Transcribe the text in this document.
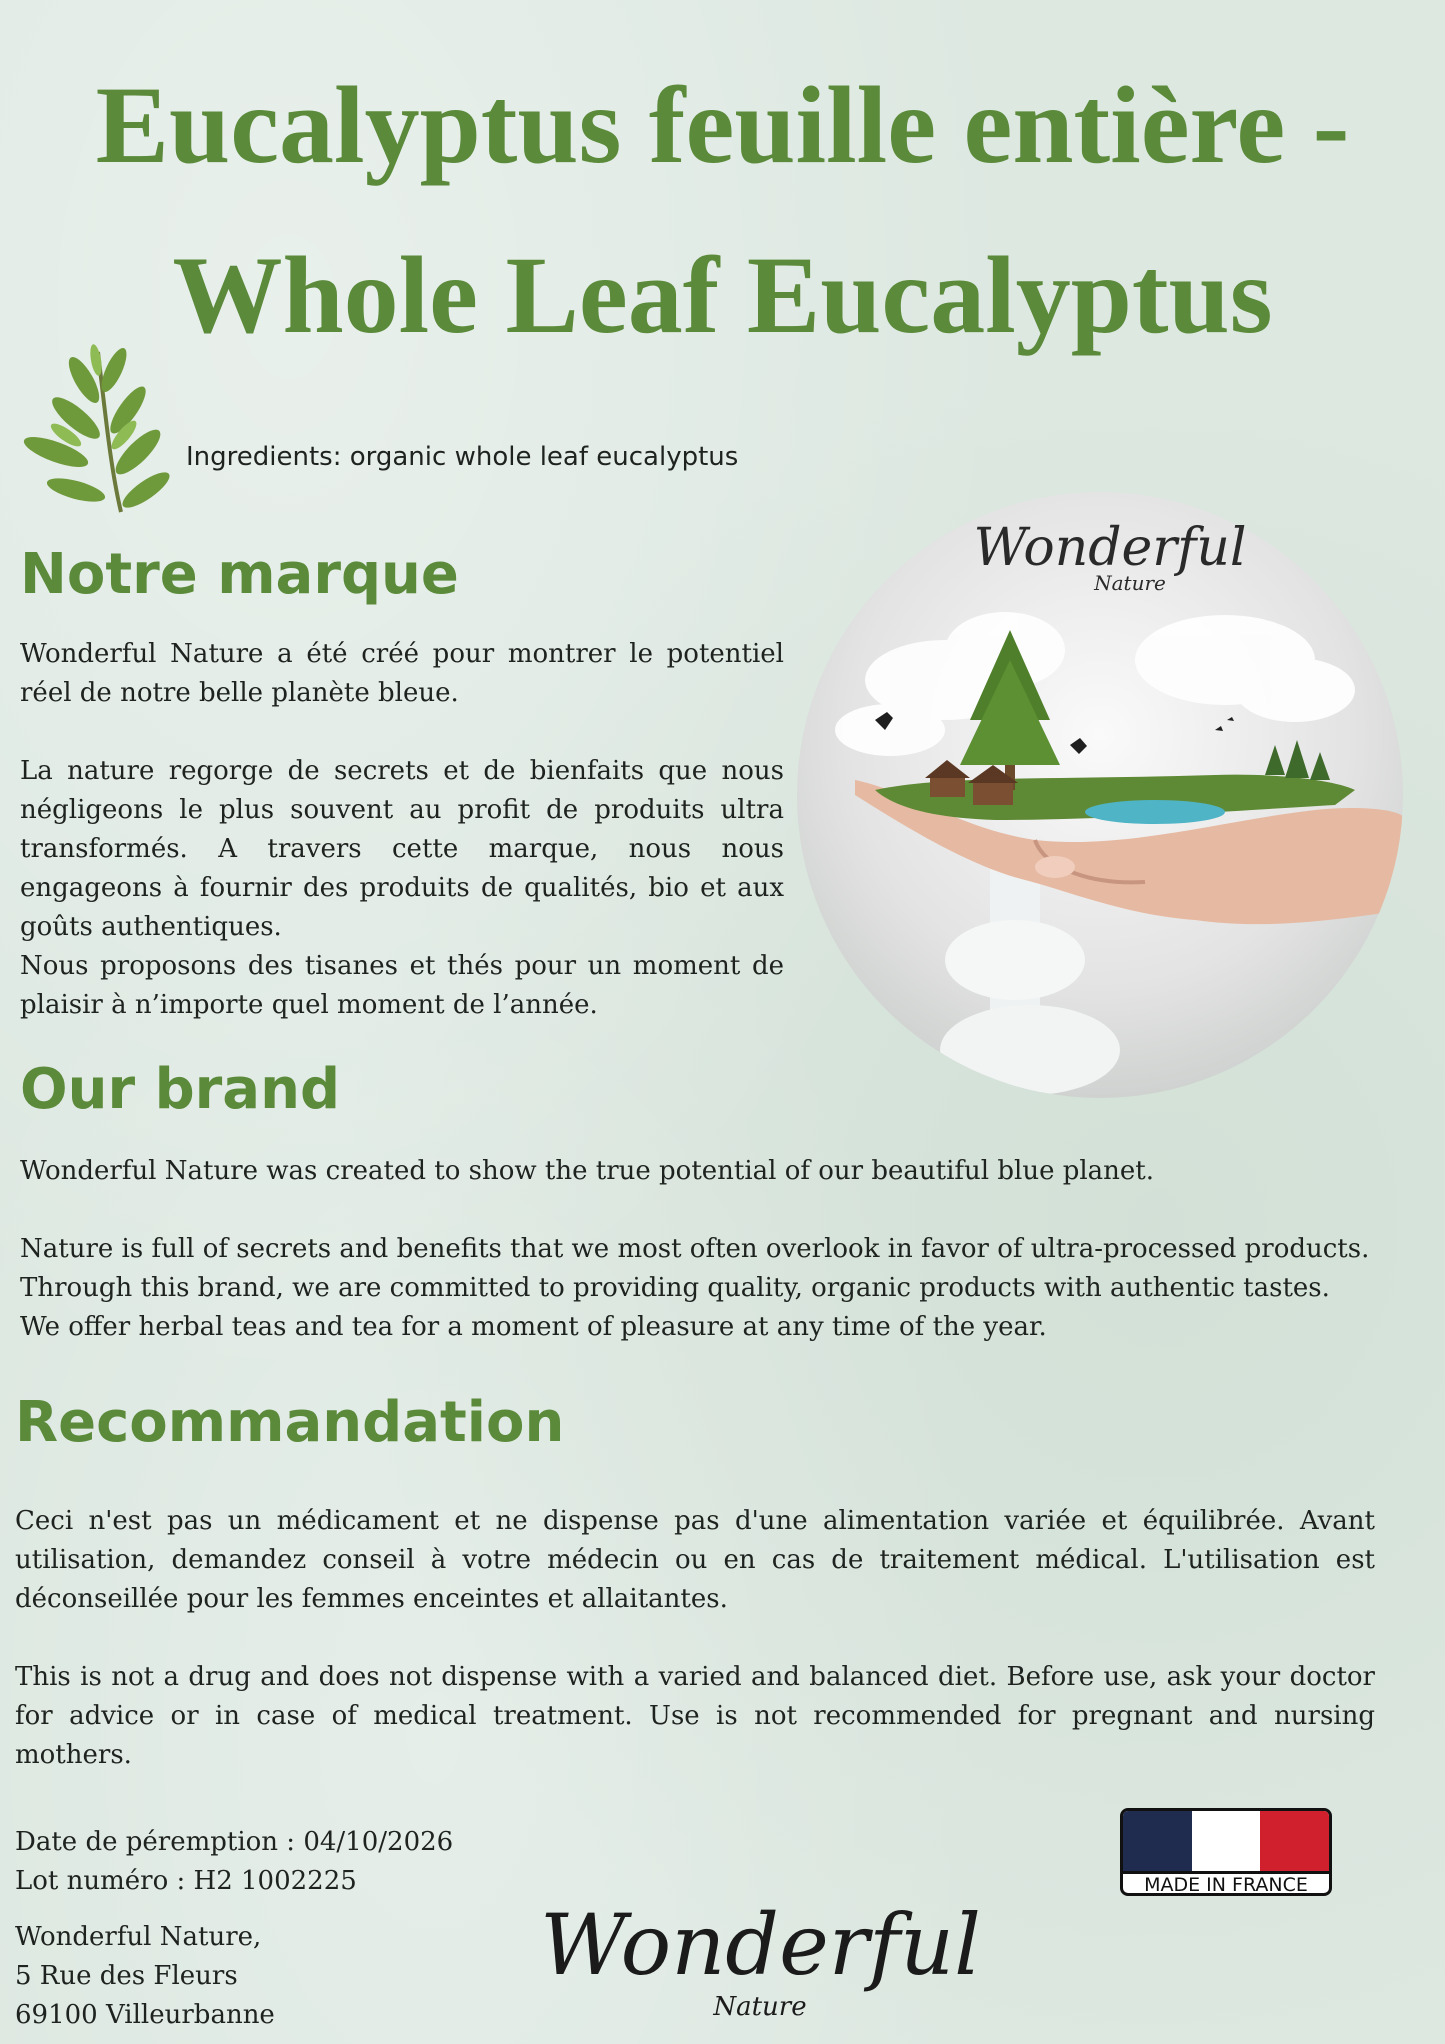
Eucalyptus feuille entière -
Whole Leaf Eucalyptus
Ingredients: organic whole leaf eucalyptus
Notre marque

Wonderful Nature a été créé pour montrer le potentiel réel de notre belle planète bleue.

La nature regorge de secrets et de bienfaits que nous négligeons le plus souvent au profit de produits ultra transformés. A travers cette marque, nous nous engageons à fournir des produits de qualités, bio et aux goûts authentiques.

Nous proposons des tisanes et thés pour un moment de plaisir à n’importe quel moment de l’année.

Wonderful
Nature
Our brand

Wonderful Nature was created to show the true potential of our beautiful blue planet.

Nature is full of secrets and benefits that we most often overlook in favor of ultra-processed products.

Through this brand, we are committed to providing quality, organic products with authentic tastes.

We offer herbal teas and tea for a moment of pleasure at any time of the year.

Recommandation

Ceci n'est pas un médicament et ne dispense pas d'une alimentation variée et équilibrée. Avant utilisation, demandez conseil à votre médecin ou en cas de traitement médical. L'utilisation est déconseillée pour les femmes enceintes et allaitantes.

This is not a drug and does not dispense with a varied and balanced diet. Before use, ask your doctor for advice or in case of medical treatment. Use is not recommended for pregnant and nursing mothers.

Date de péremption : 04/10/2026

Lot numéro : H2 1002225

Wonderful Nature,

5 Rue des Fleurs

69100 Villeurbanne

Wonderful
Nature
MADE IN FRANCE
